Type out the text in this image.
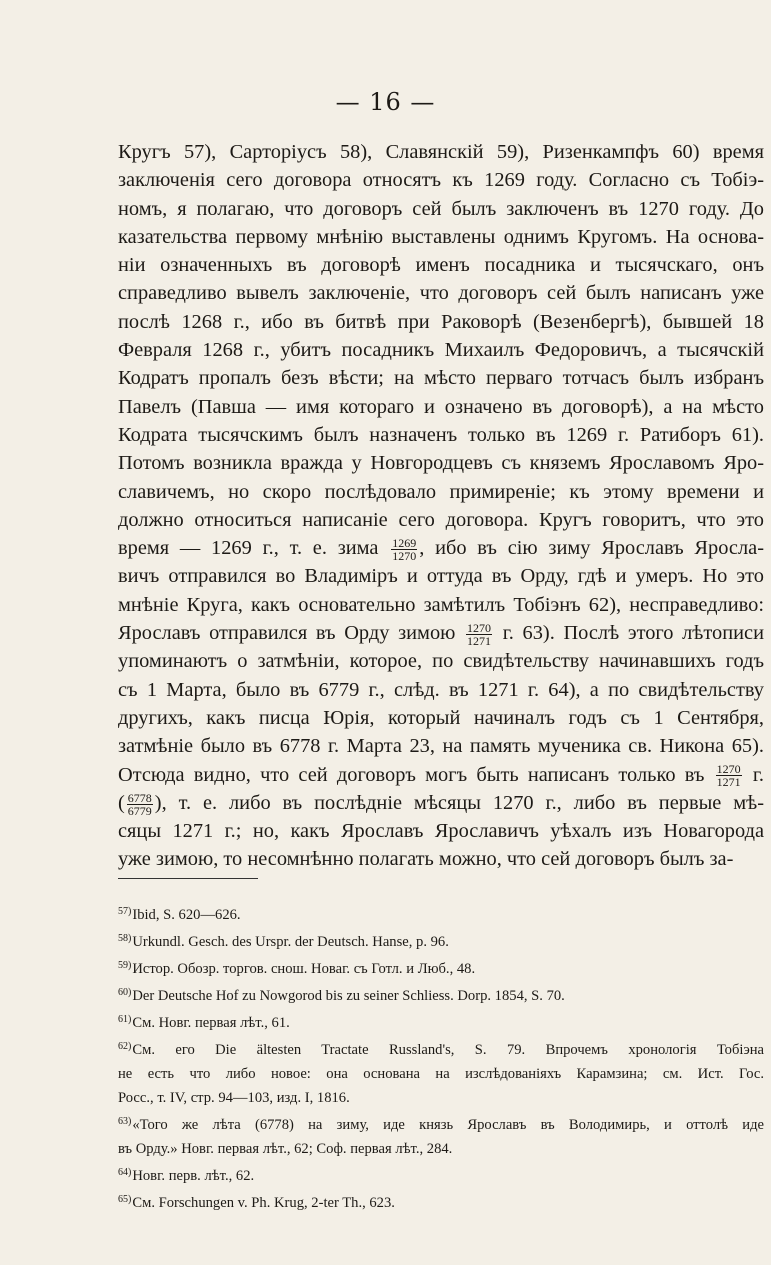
— 16 —
Кругъ 57), Сарторіусъ 58), Славянскій 59), Ризенкампфъ 60) время
заключенія сего договора относятъ къ 1269 году. Согласно съ Тобіэ-
номъ, я полагаю, что договоръ сей былъ заключенъ въ 1270 году. До
казательства первому мнѣнію выставлены однимъ Кругомъ. На основа-
ніи означенныхъ въ договорѣ именъ посадника и тысячскаго, онъ
справедливо вывелъ заключеніе, что договоръ сей былъ написанъ уже
послѣ 1268 г., ибо въ битвѣ при Раковорѣ (Везенбергѣ), бывшей 18
Февраля 1268 г., убитъ посадникъ Михаилъ Федоровичъ, а тысячскій
Кодратъ пропалъ безъ вѣсти; на мѣсто перваго тотчасъ былъ избранъ
Павелъ (Павша — имя котораго и означено въ договорѣ), а на мѣсто
Кодрата тысячскимъ былъ назначенъ только въ 1269 г. Ратиборъ 61).
Потомъ возникла вражда у Новгородцевъ съ княземъ Ярославомъ Яро-
славичемъ, но скоро послѣдовало примиреніе; къ этому времени и
должно относиться написаніе сего договора. Кругъ говоритъ, что это
время — 1269 г., т. е. зима $\frac{1269}{1270}$ , ибо въ сію зиму Ярославъ Яросла-
вичъ отправился во Владиміръ и оттуда въ Орду, гдѣ и умеръ. Но это
мнѣніе Круга, какъ основательно замѣтилъ Тобіэнъ 62), несправедливо:
Ярославъ отправился въ Орду зимою $\frac{1270}{1271} г$. 63). Послѣ этого лѣтописи
упоминаютъ о затмѣніи, которое, по свидѣтельству начинавшихъ годъ
съ 1 Марта, было въ 6779 г., слѣд. въ 1271 г. 64), а по свидѣтельству
другихъ, какъ писца Юрія, который начиналъ годъ съ 1 Сентября,
затмѣніе было въ 6778 г. Марта 23, на память мученика св. Никона 65).
Отсюда видно, что сей договоръ могъ быть написанъ только въ $\frac{1270}{1271} г$.
( $\frac{6778}{6779}$ ), т. е. либо въ послѣдніе мѣсяцы 1270 г., либо въ первые мѣ-
сяцы 1271 г.; но, какъ Ярославъ Ярославичъ уѣхалъ изъ Новагорода
уже зимою, то несомнѣнно полагать можно, что сей договоръ былъ за-
$^{57)}$Ibid, S. 620—626.
$^{58)}$Urkundl. Gesch. des Urspr. der Deutsch. Hanse, p. 96.
$^{59)}$Истор. Обозр. торгов. снош. Новаг. съ Готл. и Люб., 48.
$^{60)}$Der Deutsche Hof zu Nowgorod bis zu seiner Schliess. Dorp. 1854, S. 70.
$^{61)}$См. Новг. первая лѣт., 61.
$^{62)}$См. его Die ältesten Tractate Russland's, S. 79. Впрочемъ хронологія Тобіэна
не есть что либо новое: она основана на изслѣдованіяхъ Карамзина; см. Ист. Гос.
Росс., т. IV, стр. 94—103, изд. I, 1816.
$^{63)}$«Того же лѣта (6778) на зиму, иде князь Ярославъ въ Володимирь, и оттолѣ иде
въ Орду.» Новг. первая лѣт., 62; Соф. первая лѣт., 284.
$^{64)}$Новг. перв. лѣт., 62.
$^{65)}$См. Forschungen v. Ph. Krug, 2-ter Th., 623.
